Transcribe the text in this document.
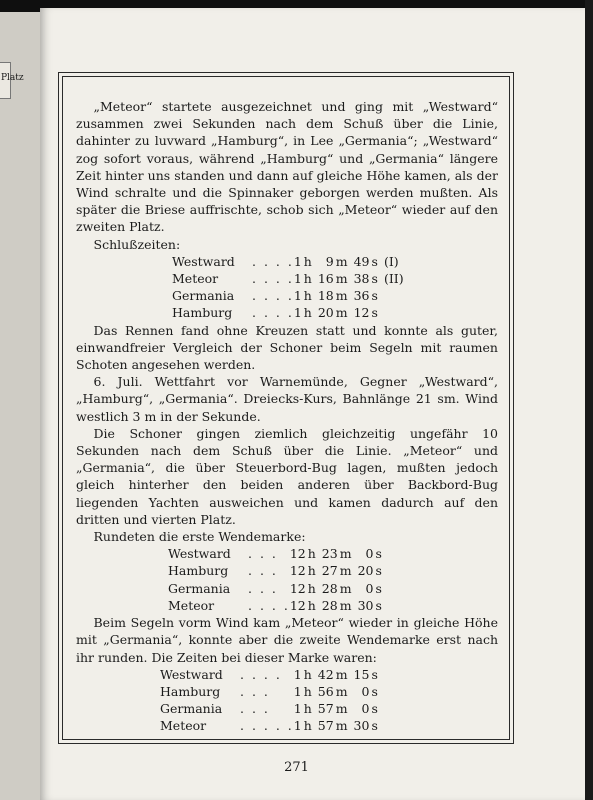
Platz

„Meteor“ startete ausgezeichnet und ging mit „Westward“ zusammen zwei Sekunden nach dem Schuß über die Linie, dahinter zu luvward „Hamburg“, in Lee „Germania“; „Westward“ zog sofort voraus, während „Hamburg“ und „Germania“ längere Zeit hinter uns standen und dann auf gleiche Höhe kamen, als der Wind schralte und die Spinnaker geborgen werden mußten. Als später die Briese auffrischte, schob sich „Meteor“ wieder auf den zweiten Platz.

Schlußzeiten:

Westward	. . . .	1	h	9	m	49	s	(I)
Meteor	. . . .	1	h	16	m	38	s	(II)
Germania	. . . .	1	h	18	m	36	s	
Hamburg	. . . .	1	h	20	m	12	s	

Das Rennen fand ohne Kreuzen statt und konnte als guter, einwandfreier Vergleich der Schoner beim Segeln mit raumen Schoten angesehen werden.

6. Juli. Wettfahrt vor Warnemünde, Gegner „Westward“, „Hamburg“, „Germania“. Dreiecks-Kurs, Bahnlänge 21 sm. Wind westlich 3 m in der Sekunde.

Die Schoner gingen ziemlich gleichzeitig ungefähr 10 Sekunden nach dem Schuß über die Linie. „Meteor“ und „Germania“, die über Steuerbord-Bug lagen, mußten jedoch gleich hinterher den beiden anderen über Backbord-Bug liegenden Yachten ausweichen und kamen dadurch auf den dritten und vierten Platz.

Rundeten die erste Wendemarke:

Westward	. . .	12	h	23	m	0	s
Hamburg	. . .	12	h	27	m	20	s
Germania	. . .	12	h	28	m	0	s
Meteor	. . . .	12	h	28	m	30	s

Beim Segeln vorm Wind kam „Meteor“ wieder in gleiche Höhe mit „Germania“, konnte aber die zweite Wendemarke erst nach ihr runden. Die Zeiten bei dieser Marke waren:

Westward	. . . .	1	h	42	m	15	s
Hamburg	. . .	1	h	56	m	0	s
Germania	. . .	1	h	57	m	0	s
Meteor	. . . . .	1	h	57	m	30	s
271
